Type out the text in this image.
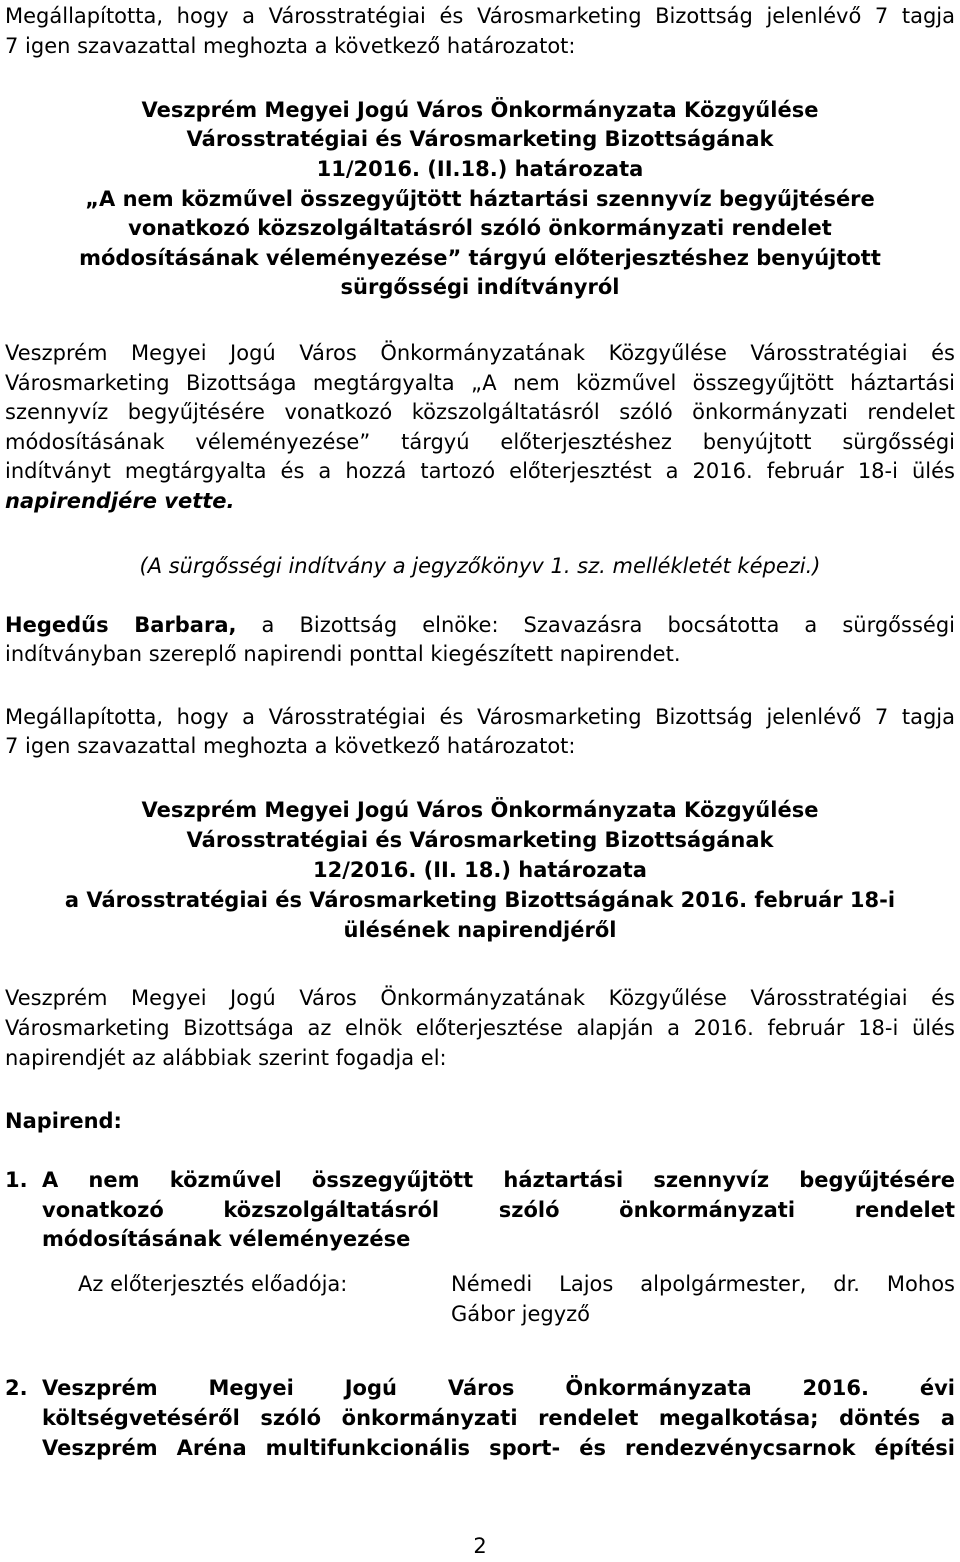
Megállapította, hogy a Városstratégiai és Városmarketing Bizottság jelenlévő 7 tagja
7 igen szavazattal meghozta a következő határozatot:
Veszprém Megyei Jogú Város Önkormányzata Közgyűlése
Városstratégiai és Városmarketing Bizottságának
11/2016. (II.18.) határozata
„A nem közművel összegyűjtött háztartási szennyvíz begyűjtésére
vonatkozó közszolgáltatásról szóló önkormányzati rendelet
módosításának véleményezése” tárgyú előterjesztéshez benyújtott
sürgősségi indítványról
Veszprém Megyei Jogú Város Önkormányzatának Közgyűlése Városstratégiai és
Városmarketing Bizottsága megtárgyalta „A nem közművel összegyűjtött háztartási
szennyvíz begyűjtésére vonatkozó közszolgáltatásról szóló önkormányzati rendelet
módosításának véleményezése” tárgyú előterjesztéshez benyújtott sürgősségi
indítványt megtárgyalta és a hozzá tartozó előterjesztést a 2016. február 18-i ülés
napirendjére vette.
(A sürgősségi indítvány a jegyzőkönyv 1. sz. mellékletét képezi.)
Hegedűs Barbara, a Bizottság elnöke: Szavazásra bocsátotta a sürgősségi
indítványban szereplő napirendi ponttal kiegészített napirendet.
Megállapította, hogy a Városstratégiai és Városmarketing Bizottság jelenlévő 7 tagja
7 igen szavazattal meghozta a következő határozatot:
Veszprém Megyei Jogú Város Önkormányzata Közgyűlése
Városstratégiai és Városmarketing Bizottságának
12/2016. (II. 18.) határozata
a Városstratégiai és Városmarketing Bizottságának 2016. február 18-i
ülésének napirendjéről
Veszprém Megyei Jogú Város Önkormányzatának Közgyűlése Városstratégiai és
Városmarketing Bizottsága az elnök előterjesztése alapján a 2016. február 18-i ülés
napirendjét az alábbiak szerint fogadja el:
Napirend:
1. A nem közművel összegyűjtött háztartási szennyvíz begyűjtésére
vonatkozó közszolgáltatásról szóló önkormányzati rendelet
módosításának véleményezése
Az előterjesztés előadója:	Némedi Lajos alpolgármester, dr. Mohos
Gábor jegyző
2. Veszprém Megyei Jogú Város Önkormányzata 2016. évi
költségvetéséről szóló önkormányzati rendelet megalkotása; döntés a
Veszprém Aréna multifunkcionális sport- és rendezvénycsarnok építési
2
